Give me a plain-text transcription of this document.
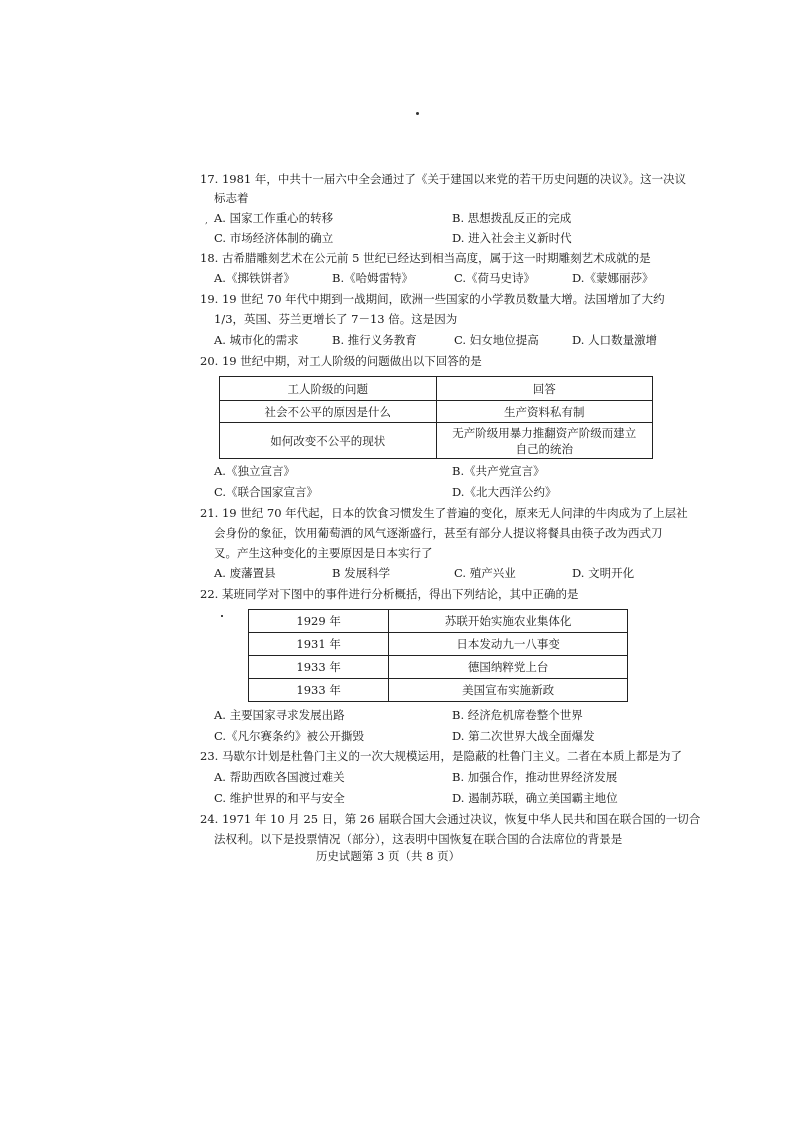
,
17. 1981 年，中共十一届六中全会通过了《关于建国以来党的若干历史问题的决议》。这一决议
标志着
A. 国家工作重心的转移	B. 思想拨乱反正的完成
C. 市场经济体制的确立	D. 进入社会主义新时代
18. 古希腊雕刻艺术在公元前 5 世纪已经达到相当高度，属于这一时期雕刻艺术成就的是
A.《掷铁饼者》	B.《哈姆雷特》	C.《荷马史诗》	D.《蒙娜丽莎》
19. 19 世纪 70 年代中期到一战期间，欧洲一些国家的小学教员数量大增。法国增加了大约
1/3，英国、芬兰更增长了 7－13 倍。这是因为
A. 城市化的需求	B. 推行义务教育	C. 妇女地位提高	D. 人口数量激增
20. 19 世纪中期，对工人阶级的问题做出以下回答的是
工人阶级的问题	回答
社会不公平的原因是什么	生产资料私有制
如何改变不公平的现状	无产阶级用暴力推翻资产阶级而建立
自己的统治
A.《独立宣言》	B.《共产党宣言》
C.《联合国家宣言》	D.《北大西洋公约》
21. 19 世纪 70 年代起，日本的饮食习惯发生了普遍的变化，原来无人问津的牛肉成为了上层社
会身份的象征，饮用葡萄酒的风气逐渐盛行，甚至有部分人提议将餐具由筷子改为西式刀
叉。产生这种变化的主要原因是日本实行了
A. 废藩置县	B 发展科学	C. 殖产兴业	D. 文明开化
22. 某班同学对下图中的事件进行分析概括，得出下列结论，其中正确的是
1929 年	苏联开始实施农业集体化
1931 年	日本发动九一八事变
1933 年	德国纳粹党上台
1933 年	美国宣布实施新政
A. 主要国家寻求发展出路	B. 经济危机席卷整个世界
C.《凡尔赛条约》被公开撕毁	D. 第二次世界大战全面爆发
23. 马歇尔计划是杜鲁门主义的一次大规模运用，是隐蔽的杜鲁门主义。二者在本质上都是为了
A. 帮助西欧各国渡过难关	B. 加强合作，推动世界经济发展
C. 维护世界的和平与安全	D. 遏制苏联，确立美国霸主地位
24. 1971 年 10 月 25 日，第 26 届联合国大会通过决议，恢复中华人民共和国在联合国的一切合
法权利。以下是投票情况（部分），这表明中国恢复在联合国的合法席位的背景是
历史试题第 3 页（共 8 页）
